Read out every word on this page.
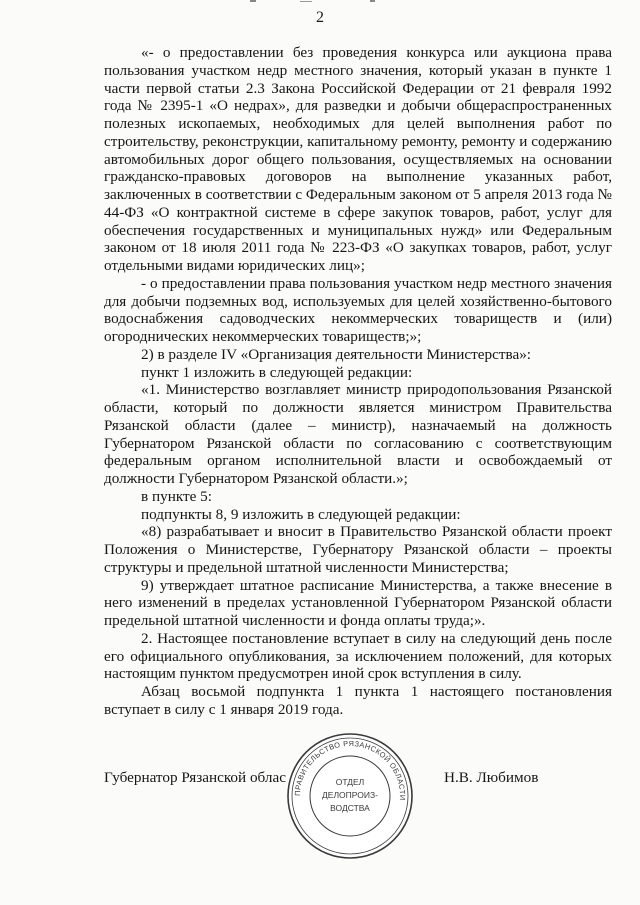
2

«- о предоставлении без проведения конкурса или аукциона права пользования участком недр местного значения, который указан в пункте 1 части первой статьи 2.3 Закона Российской Федерации от 21 февраля 1992 года № 2395-1 «О недрах», для разведки и добычи общераспространенных полезных ископаемых, необходимых для целей выполнения работ по строительству, реконструкции, капитальному ремонту, ремонту и содержанию автомобильных дорог общего пользования, осуществляемых на основании гражданско-правовых договоров на выполнение указанных работ, заключенных в соответствии с Федеральным законом от 5 апреля 2013 года № 44-ФЗ «О контрактной системе в сфере закупок товаров, работ, услуг для обеспечения государственных и муниципальных нужд» или Федеральным законом от 18 июля 2011 года № 223-ФЗ «О закупках товаров, работ, услуг отдельными видами юридических лиц»;

- о предоставлении права пользования участком недр местного значения для добычи подземных вод, используемых для целей хозяйственно-бытового водоснабжения садоводческих некоммерческих товариществ и (или) огороднических некоммерческих товариществ;»;

2) в разделе IV «Организация деятельности Министерства»:

пункт 1 изложить в следующей редакции:

«1. Министерство возглавляет министр природопользования Рязанской области, который по должности является министром Правительства Рязанской области (далее – министр), назначаемый на должность Губернатором Рязанской области по согласованию с соответствующим федеральным органом исполнительной власти и освобождаемый от должности Губернатором Рязанской области.»;

в пункте 5:

подпункты 8, 9 изложить в следующей редакции:

«8) разрабатывает и вносит в Правительство Рязанской области проект Положения о Министерстве, Губернатору Рязанской области – проекты структуры и предельной штатной численности Министерства;

9) утверждает штатное расписание Министерства, а также внесение в него изменений в пределах установленной Губернатором Рязанской области предельной штатной численности и фонда оплаты труда;».

2. Настоящее постановление вступает в силу на следующий день после его официального опубликования, за исключением положений, для которых настоящим пунктом предусмотрен иной срок вступления в силу.

Абзац восьмой подпункта 1 пункта 1 настоящего постановления вступает в силу с 1 января 2019 года.

Губернатор Рязанской облас	Н.В. Любимов
ПРАВИТЕЛЬСТВО РЯЗАНСКОЙ ОБЛАСТИ
ОТДЕЛ
ДЕЛОПРОИЗ-
ВОДСТВА
